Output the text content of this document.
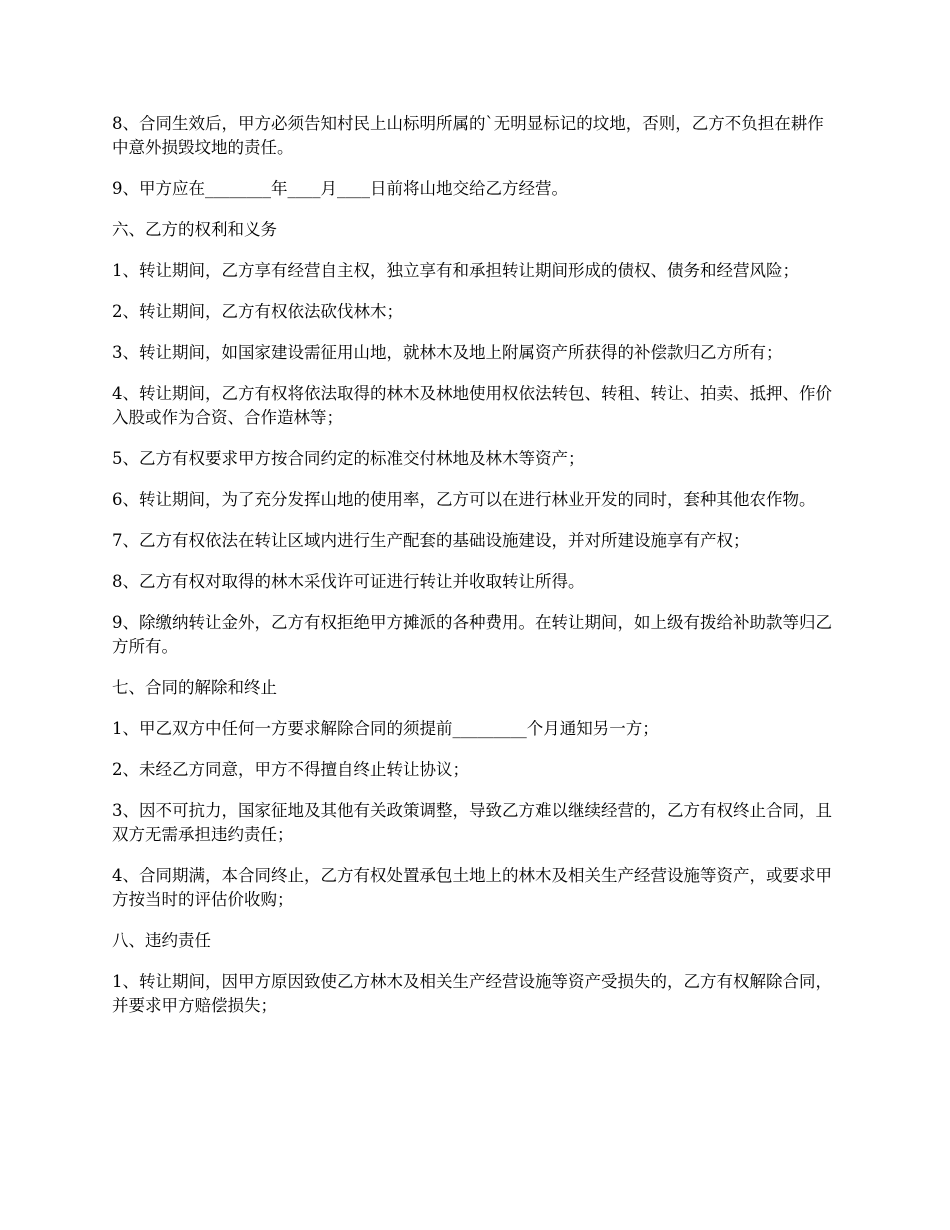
8、合同生效后，甲方必须告知村民上山标明所属的`无明显标记的坟地，否则，乙方不负担在耕作中意外损毁坟地的责任。

9、甲方应在________年____月____日前将山地交给乙方经营。

六、乙方的权利和义务

1、转让期间，乙方享有经营自主权，独立享有和承担转让期间形成的债权、债务和经营风险；

2、转让期间，乙方有权依法砍伐林木；

3、转让期间，如国家建设需征用山地，就林木及地上附属资产所获得的补偿款归乙方所有；

4、转让期间，乙方有权将依法取得的林木及林地使用权依法转包、转租、转让、拍卖、抵押、作价入股或作为合资、合作造林等；

5、乙方有权要求甲方按合同约定的标准交付林地及林木等资产；

6、转让期间，为了充分发挥山地的使用率，乙方可以在进行林业开发的同时，套种其他农作物。

7、乙方有权依法在转让区域内进行生产配套的基础设施建设，并对所建设施享有产权；

8、乙方有权对取得的林木采伐许可证进行转让并收取转让所得。

9、除缴纳转让金外，乙方有权拒绝甲方摊派的各种费用。在转让期间，如上级有拨给补助款等归乙方所有。

七、合同的解除和终止

1、甲乙双方中任何一方要求解除合同的须提前_________个月通知另一方；

2、未经乙方同意，甲方不得擅自终止转让协议；

3、因不可抗力，国家征地及其他有关政策调整，导致乙方难以继续经营的，乙方有权终止合同，且双方无需承担违约责任；

4、合同期满，本合同终止，乙方有权处置承包土地上的林木及相关生产经营设施等资产，或要求甲方按当时的评估价收购；

八、违约责任

1、转让期间，因甲方原因致使乙方林木及相关生产经营设施等资产受损失的，乙方有权解除合同，并要求甲方赔偿损失；
